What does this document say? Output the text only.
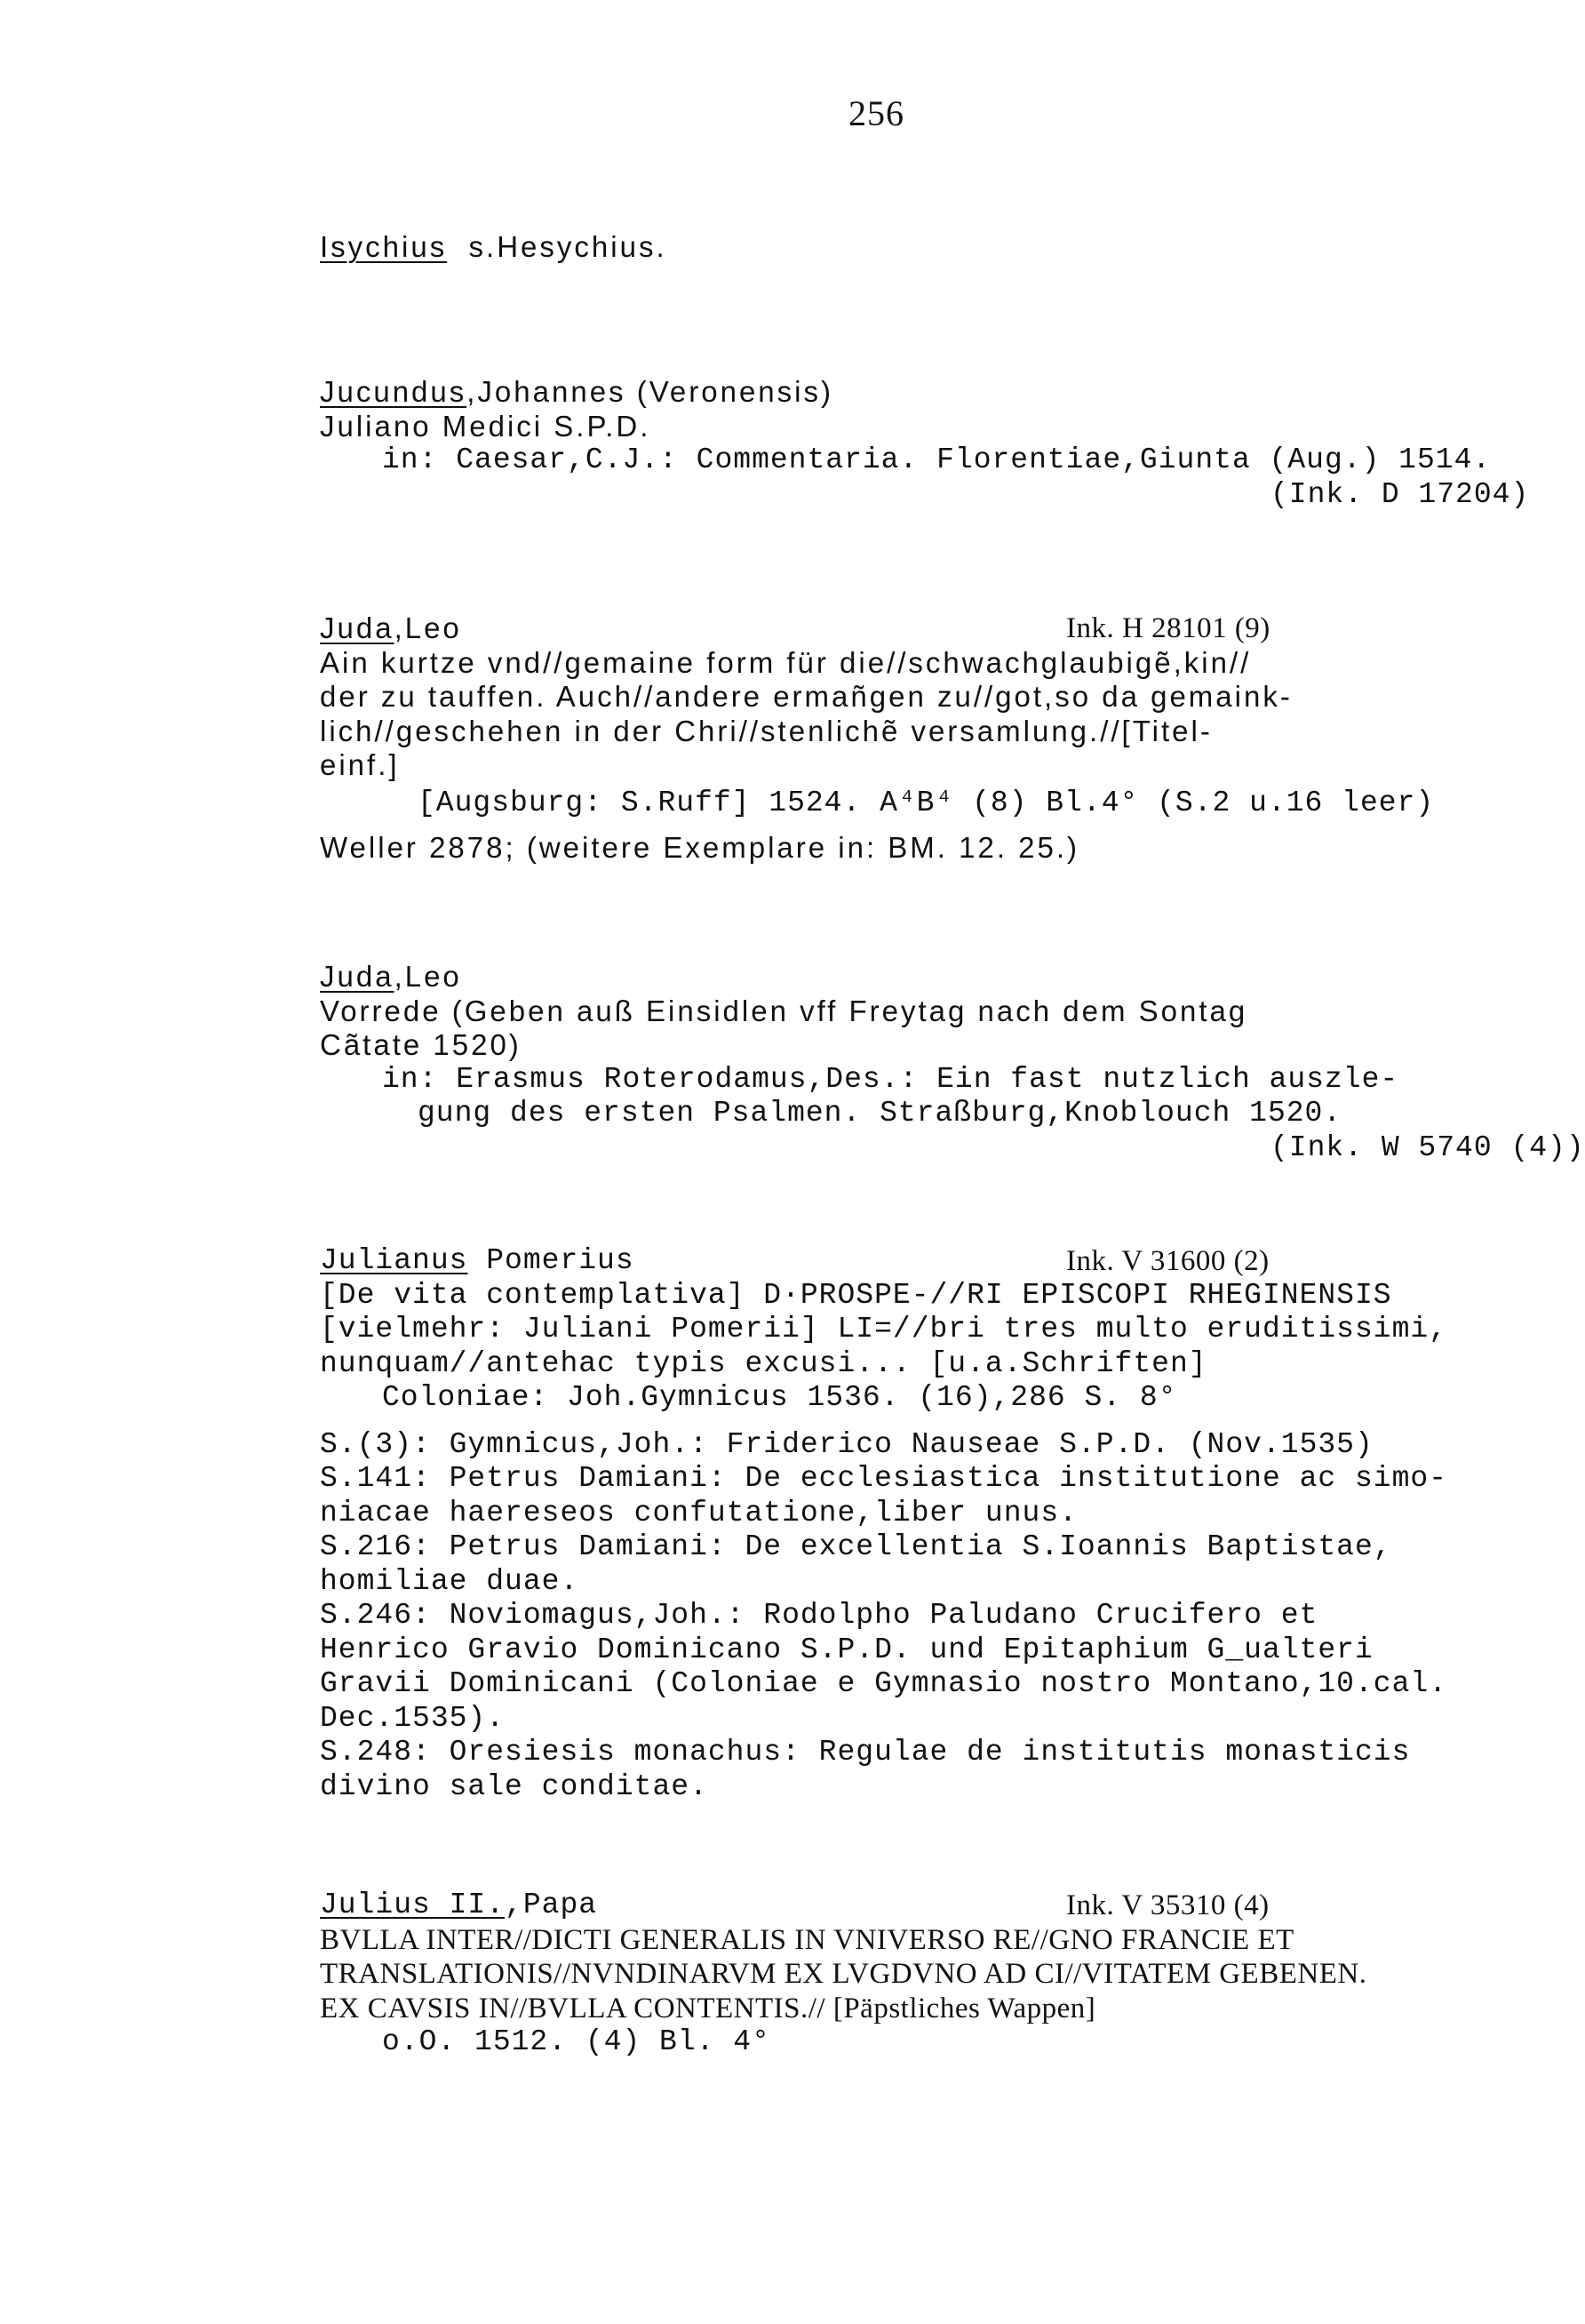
256
Isychius  s.Hesychius.
Jucundus,Johannes (Veronensis)
Juliano Medici S.P.D.
in: Caesar,C.J.: Commentaria. Florentiae,Giunta (Aug.) 1514.
(Ink. D 17204)
Juda,Leo	Ink. H 28101 (9)
Ain kurtze vnd//gemaine form für die//schwachglaubigẽ,kin//
der zu tauffen. Auch//andere ermañgen zu//got,so da gemaink-
lich//geschehen in der Chri//stenlichẽ versamlung.//[Titel-
einf.]
[Augsburg: S.Ruff] 1524. A⁴B⁴ (8) Bl.4° (S.2 u.16 leer)
Weller 2878; (weitere Exemplare in: BM. 12. 25.)
Juda,Leo
Vorrede (Geben auß Einsidlen vff Freytag nach dem Sontag
Cãtate 1520)
in: Erasmus Roterodamus,Des.: Ein fast nutzlich auszle-
gung des ersten Psalmen. Straßburg,Knoblouch 1520.
(Ink. W 5740 (4))
Julianus Pomerius	Ink. V 31600 (2)
[De vita contemplativa] D·PROSPE-//RI EPISCOPI RHEGINENSIS
[vielmehr: Juliani Pomerii] LI=//bri tres multo eruditissimi,
nunquam//antehac typis excusi... [u.a.Schriften]
Coloniae: Joh.Gymnicus 1536. (16),286 S. 8°
S.(3): Gymnicus,Joh.: Friderico Nauseae S.P.D. (Nov.1535)
S.141: Petrus Damiani: De ecclesiastica institutione ac simo-
niacae haereseos confutatione,liber unus.
S.216: Petrus Damiani: De excellentia S.Ioannis Baptistae,
homiliae duae.
S.246: Noviomagus,Joh.: Rodolpho Paludano Crucifero et
Henrico Gravio Dominicano S.P.D. und Epitaphium G_ualteri
Gravii Dominicani (Coloniae e Gymnasio nostro Montano,10.cal.
Dec.1535).
S.248: Oresiesis monachus: Regulae de institutis monasticis
divino sale conditae.
Julius II.,Papa	Ink. V 35310 (4)
BVLLA INTER//DICTI GENERALIS IN VNIVERSO RE//GNO FRANCIE ET
TRANSLATIONIS//NVNDINARVM EX LVGDVNO AD CI//VITATEM GEBENEN.
EX CAVSIS IN//BVLLA CONTENTIS.// [Päpstliches Wappen]
o.O. 1512. (4) Bl. 4°
